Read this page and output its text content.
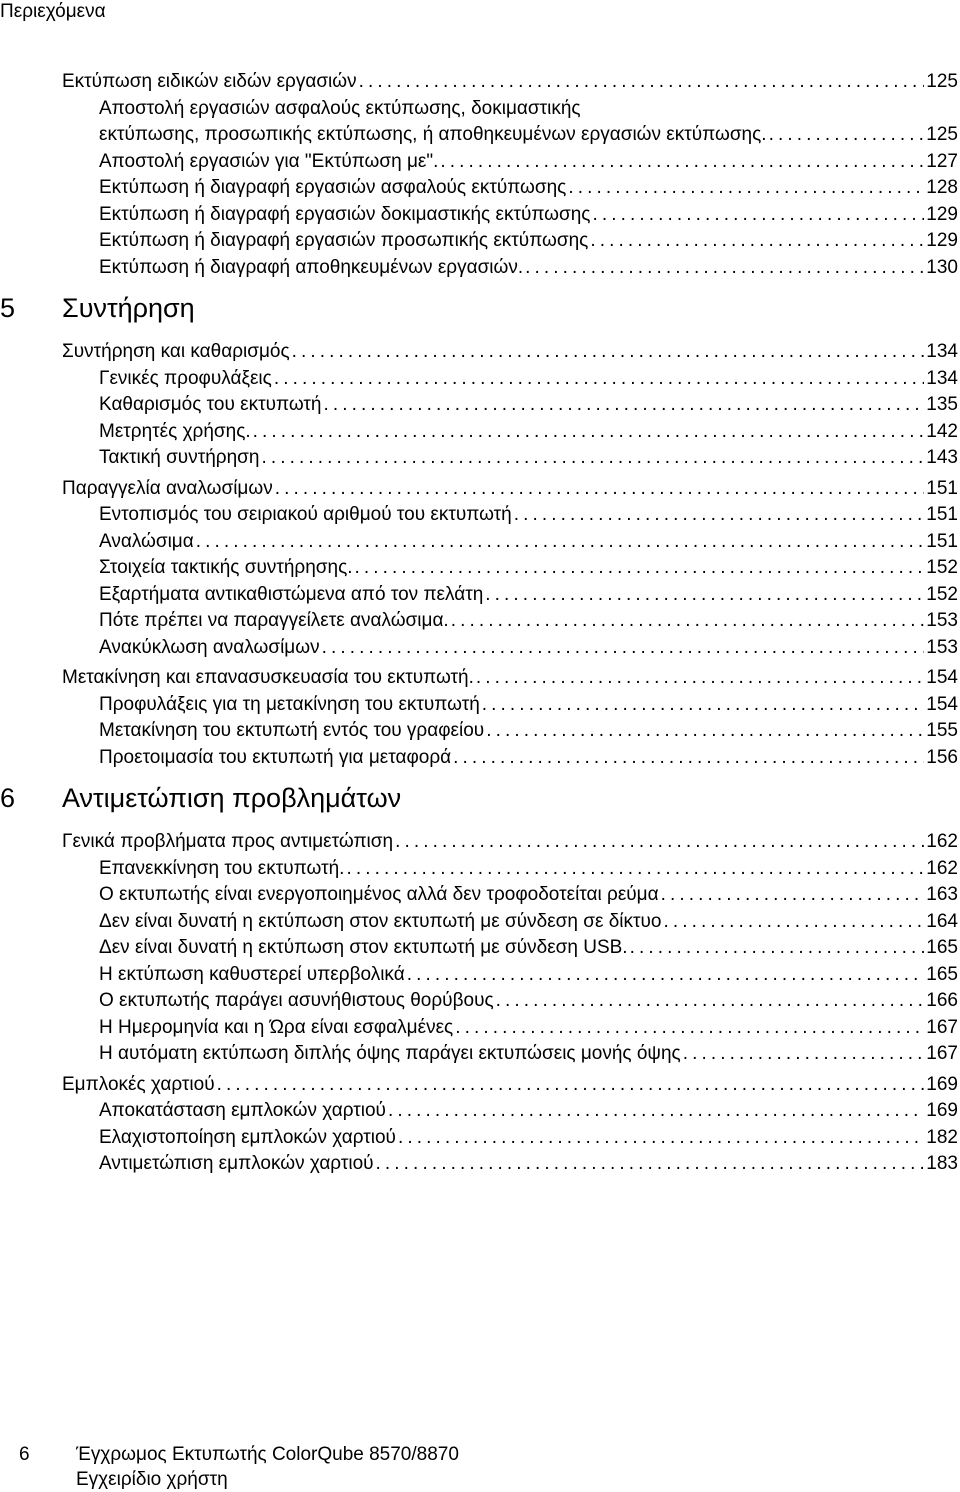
Περιεχόμενα
Εκτύπωση ειδικών ειδών εργασιών .....	125
Αποστολή εργασιών ασφαλούς εκτύπωσης, δοκιμαστικής
εκτύπωσης, προσωπικής εκτύπωσης, ή αποθηκευμένων εργασιών εκτύπωσης. .....	125
Αποστολή εργασιών για "Εκτύπωση με". .....	127
Εκτύπωση ή διαγραφή εργασιών ασφαλούς εκτύπωσης .....	128
Εκτύπωση ή διαγραφή εργασιών δοκιμαστικής εκτύπωσης .....	129
Εκτύπωση ή διαγραφή εργασιών προσωπικής εκτύπωσης .....	129
Εκτύπωση ή διαγραφή αποθηκευμένων εργασιών. .....	130
5 Συντήρηση
Συντήρηση και καθαρισμός .....	134
Γενικές προφυλάξεις .....	134
Καθαρισμός του εκτυπωτή .....	135
Μετρητές χρήσης. .....	142
Τακτική συντήρηση .....	143
Παραγγελία αναλωσίμων .....	151
Εντοπισμός του σειριακού αριθμού του εκτυπωτή .....	151
Αναλώσιμα .....	151
Στοιχεία τακτικής συντήρησης. .....	152
Εξαρτήματα αντικαθιστώμενα από τον πελάτη .....	152
Πότε πρέπει να παραγγείλετε αναλώσιμα. .....	153
Ανακύκλωση αναλωσίμων .....	153
Μετακίνηση και επανασυσκευασία του εκτυπωτή. .....	154
Προφυλάξεις για τη μετακίνηση του εκτυπωτή .....	154
Μετακίνηση του εκτυπωτή εντός του γραφείου .....	155
Προετοιμασία του εκτυπωτή για μεταφορά .....	156
6 Αντιμετώπιση προβλημάτων
Γενικά προβλήματα προς αντιμετώπιση .....	162
Επανεκκίνηση του εκτυπωτή. .....	162
Ο εκτυπωτής είναι ενεργοποιημένος αλλά δεν τροφοδοτείται ρεύμα .....	163
Δεν είναι δυνατή η εκτύπωση στον εκτυπωτή με σύνδεση σε δίκτυο .....	164
Δεν είναι δυνατή η εκτύπωση στον εκτυπωτή με σύνδεση USB. .....	165
Η εκτύπωση καθυστερεί υπερβολικά .....	165
Ο εκτυπωτής παράγει ασυνήθιστους θορύβους .....	166
Η Ημερομηνία και η Ώρα είναι εσφαλμένες .....	167
Η αυτόματη εκτύπωση διπλής όψης παράγει εκτυπώσεις μονής όψης .....	167
Εμπλοκές χαρτιού .....	169
Αποκατάσταση εμπλοκών χαρτιού .....	169
Ελαχιστοποίηση εμπλοκών χαρτιού .....	182
Αντιμετώπιση εμπλοκών χαρτιού .....	183
6 Έγχρωμος Εκτυπωτής ColorQube 8570/8870
Εγχειρίδιο χρήστη
